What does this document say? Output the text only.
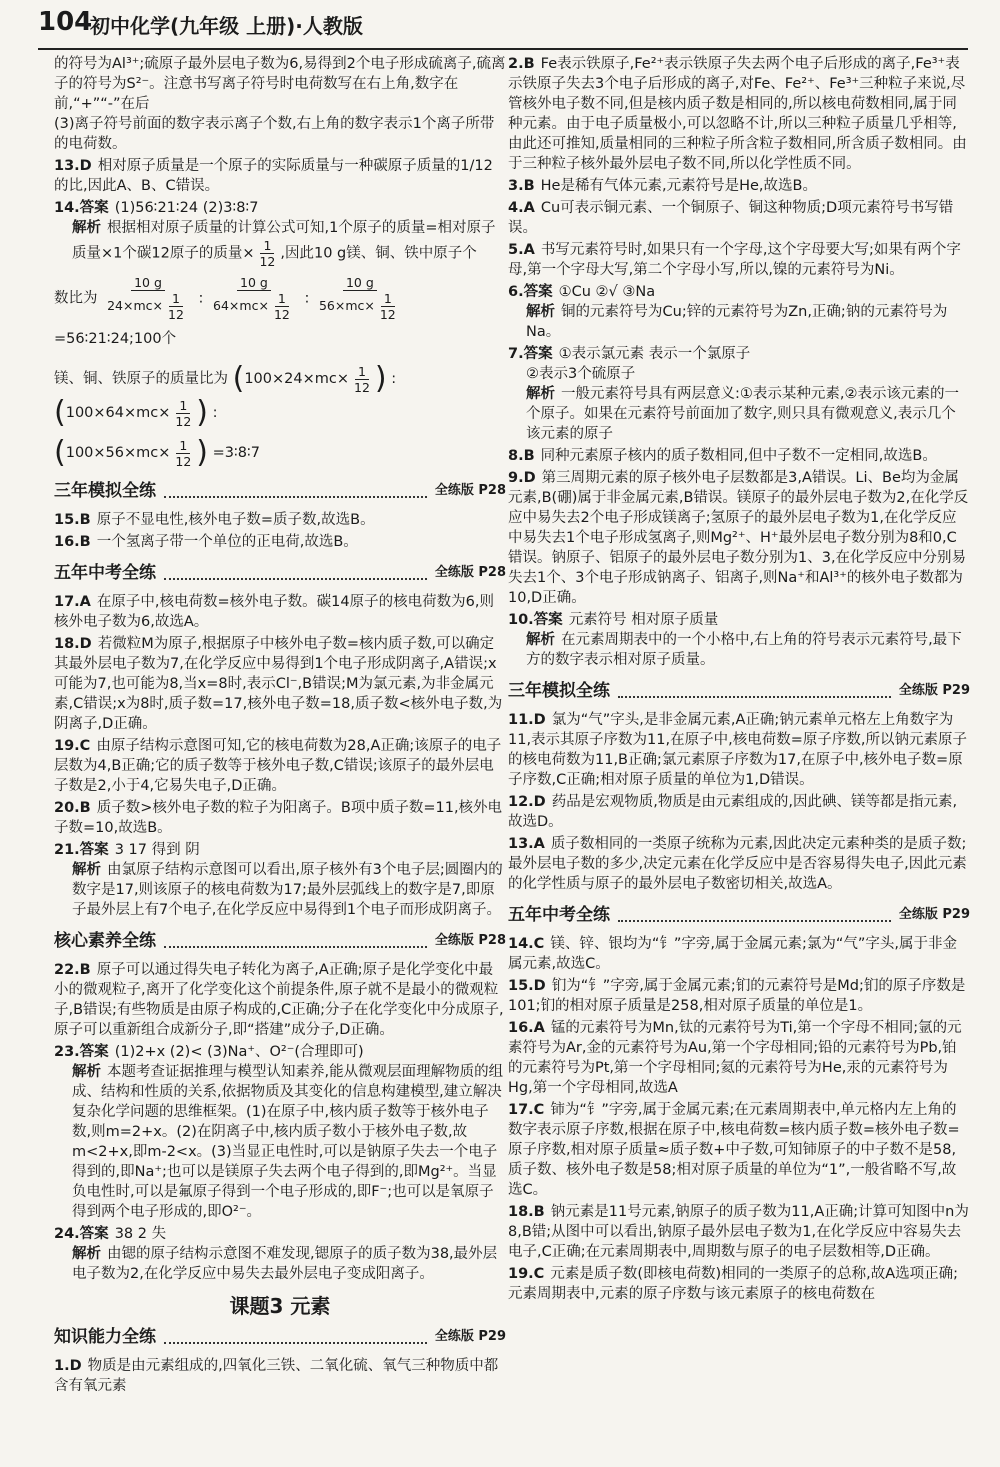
104
初中化学(九年级 上册)·人教版

的符号为Al³⁺;硫原子最外层电子数为6,易得到2个电子形成硫离子,硫离子的符号为S²⁻。注意书写离子符号时电荷数写在右上角,数字在前,“+”“-”在后

(3)离子符号前面的数字表示离子个数,右上角的数字表示1个离子所带的电荷数。

13.D 相对原子质量是一个原子的实际质量与一种碳原子质量的1/12的比,因此A、B、C错误。

14.答案 (1)56∶21∶24 (2)3∶8∶7

解析 根据相对原子质量的计算公式可知,1个原子的质量=相对原子质量×1个碳12原子的质量× $\frac{1}{12}$ ,因此10 g镁、铜、铁中原子个

数比为 $\frac{10 g}{24\times mc\times \frac{1}{12}}$ : $\frac{10 g}{64\times mc\times \frac{1}{12}}$ : $\frac{10 g}{56\times mc\times \frac{1}{12}}$
=56∶21∶24;100个
镁、铜、铁原子的质量比为 ($100\times 24\times mc\times \frac{1}{12}$ ) : ($100\times 64\times mc\times \frac{1}{12}$ ) :
($100\times 56\times mc\times \frac{1}{12}$ ) =3∶8∶7
三年模拟全练	全练版 P28

15.B 原子不显电性,核外电子数=质子数,故选B。

16.B 一个氢离子带一个单位的正电荷,故选B。

五年中考全练	全练版 P28

17.A 在原子中,核电荷数=核外电子数。碳14原子的核电荷数为6,则核外电子数为6,故选A。

18.D 若微粒M为原子,根据原子中核外电子数=核内质子数,可以确定其最外层电子数为7,在化学反应中易得到1个电子形成阴离子,A错误;x可能为7,也可能为8,当x=8时,表示Cl⁻,B错误;M为氯元素,为非金属元素,C错误;x为8时,质子数=17,核外电子数=18,质子数<核外电子数,为阴离子,D正确。

19.C 由原子结构示意图可知,它的核电荷数为28,A正确;该原子的电子层数为4,B正确;它的质子数等于核外电子数,C错误;该原子的最外层电子数是2,小于4,它易失电子,D正确。

20.B 质子数>核外电子数的粒子为阳离子。B项中质子数=11,核外电子数=10,故选B。

21.答案 3 17 得到 阴

解析 由氯原子结构示意图可以看出,原子核外有3个电子层;圆圈内的数字是17,则该原子的核电荷数为17;最外层弧线上的数字是7,即原子最外层上有7个电子,在化学反应中易得到1个电子而形成阴离子。

核心素养全练	全练版 P28

22.B 原子可以通过得失电子转化为离子,A正确;原子是化学变化中最小的微观粒子,离开了化学变化这个前提条件,原子就不是最小的微观粒子,B错误;有些物质是由原子构成的,C正确;分子在化学变化中分成原子,原子可以重新组合成新分子,即“搭建”成分子,D正确。

23.答案 (1)2+x (2)< (3)Na⁺、O²⁻(合理即可)

解析 本题考查证据推理与模型认知素养,能从微观层面理解物质的组成、结构和性质的关系,依据物质及其变化的信息构建模型,建立解决复杂化学问题的思维框架。(1)在原子中,核内质子数等于核外电子数,则m=2+x。(2)在阴离子中,核内质子数小于核外电子数,故m<2+x,即m-2<x。(3)当显正电性时,可以是钠原子失去一个电子得到的,即Na⁺;也可以是镁原子失去两个电子得到的,即Mg²⁺。当显负电性时,可以是氟原子得到一个电子形成的,即F⁻;也可以是氧原子得到两个电子形成的,即O²⁻。

24.答案 38 2 失

解析 由锶的原子结构示意图不难发现,锶原子的质子数为38,最外层电子数为2,在化学反应中易失去最外层电子变成阳离子。

课题3 元素
知识能力全练	全练版 P29

1.D 物质是由元素组成的,四氧化三铁、二氧化硫、氧气三种物质中都含有氧元素

2.B Fe表示铁原子,Fe²⁺表示铁原子失去两个电子后形成的离子,Fe³⁺表示铁原子失去3个电子后形成的离子,对Fe、Fe²⁺、Fe³⁺三种粒子来说,尽管核外电子数不同,但是核内质子数是相同的,所以核电荷数相同,属于同种元素。由于电子质量极小,可以忽略不计,所以三种粒子质量几乎相等,由此还可推知,质量相同的三种粒子所含粒子数相同,所含质子数相同。由于三种粒子核外最外层电子数不同,所以化学性质不同。

3.B He是稀有气体元素,元素符号是He,故选B。

4.A Cu可表示铜元素、一个铜原子、铜这种物质;D项元素符号书写错误。

5.A 书写元素符号时,如果只有一个字母,这个字母要大写;如果有两个字母,第一个字母大写,第二个字母小写,所以,镍的元素符号为Ni。

6.答案 ①Cu ②√ ③Na

解析 铜的元素符号为Cu;锌的元素符号为Zn,正确;钠的元素符号为Na。

7.答案 ①表示氯元素 表示一个氯原子

②表示3个硫原子

解析 一般元素符号具有两层意义:①表示某种元素,②表示该元素的一个原子。如果在元素符号前面加了数字,则只具有微观意义,表示几个该元素的原子

8.B 同种元素原子核内的质子数相同,但中子数不一定相同,故选B。

9.D 第三周期元素的原子核外电子层数都是3,A错误。Li、Be均为金属元素,B(硼)属于非金属元素,B错误。镁原子的最外层电子数为2,在化学反应中易失去2个电子形成镁离子;氢原子的最外层电子数为1,在化学反应中易失去1个电子形成氢离子,则Mg²⁺、H⁺最外层电子数分别为8和0,C错误。钠原子、铝原子的最外层电子数分别为1、3,在化学反应中分别易失去1个、3个电子形成钠离子、铝离子,则Na⁺和Al³⁺的核外电子数都为10,D正确。

10.答案 元素符号 相对原子质量

解析 在元素周期表中的一个小格中,右上角的符号表示元素符号,最下方的数字表示相对原子质量。

三年模拟全练	全练版 P29

11.D 氯为“气”字头,是非金属元素,A正确;钠元素单元格左上角数字为11,表示其原子序数为11,在原子中,核电荷数=原子序数,所以钠元素原子的核电荷数为11,B正确;氯元素原子序数为17,在原子中,核外电子数=原子序数,C正确;相对原子质量的单位为1,D错误。

12.D 药品是宏观物质,物质是由元素组成的,因此碘、镁等都是指元素,故选D。

13.A 质子数相同的一类原子统称为元素,因此决定元素种类的是质子数;最外层电子数的多少,决定元素在化学反应中是否容易得失电子,因此元素的化学性质与原子的最外层电子数密切相关,故选A。

五年中考全练	全练版 P29

14.C 镁、锌、银均为“钅”字旁,属于金属元素;氯为“气”字头,属于非金属元素,故选C。

15.D 钔为“钅”字旁,属于金属元素;钔的元素符号是Md;钔的原子序数是101;钔的相对原子质量是258,相对原子质量的单位是1。

16.A 锰的元素符号为Mn,钛的元素符号为Ti,第一个字母不相同;氩的元素符号为Ar,金的元素符号为Au,第一个字母相同;铅的元素符号为Pb,铂的元素符号为Pt,第一个字母相同;氦的元素符号为He,汞的元素符号为Hg,第一个字母相同,故选A

17.C 铈为“钅”字旁,属于金属元素;在元素周期表中,单元格内左上角的数字表示原子序数,根据在原子中,核电荷数=核内质子数=核外电子数=原子序数,相对原子质量≈质子数+中子数,可知铈原子的中子数不是58,质子数、核外电子数是58;相对原子质量的单位为“1”,一般省略不写,故选C。

18.B 钠元素是11号元素,钠原子的质子数为11,A正确;计算可知图中n为8,B错;从图中可以看出,钠原子最外层电子数为1,在化学反应中容易失去电子,C正确;在元素周期表中,周期数与原子的电子层数相等,D正确。

19.C 元素是质子数(即核电荷数)相同的一类原子的总称,故A选项正确;元素周期表中,元素的原子序数与该元素原子的核电荷数在
